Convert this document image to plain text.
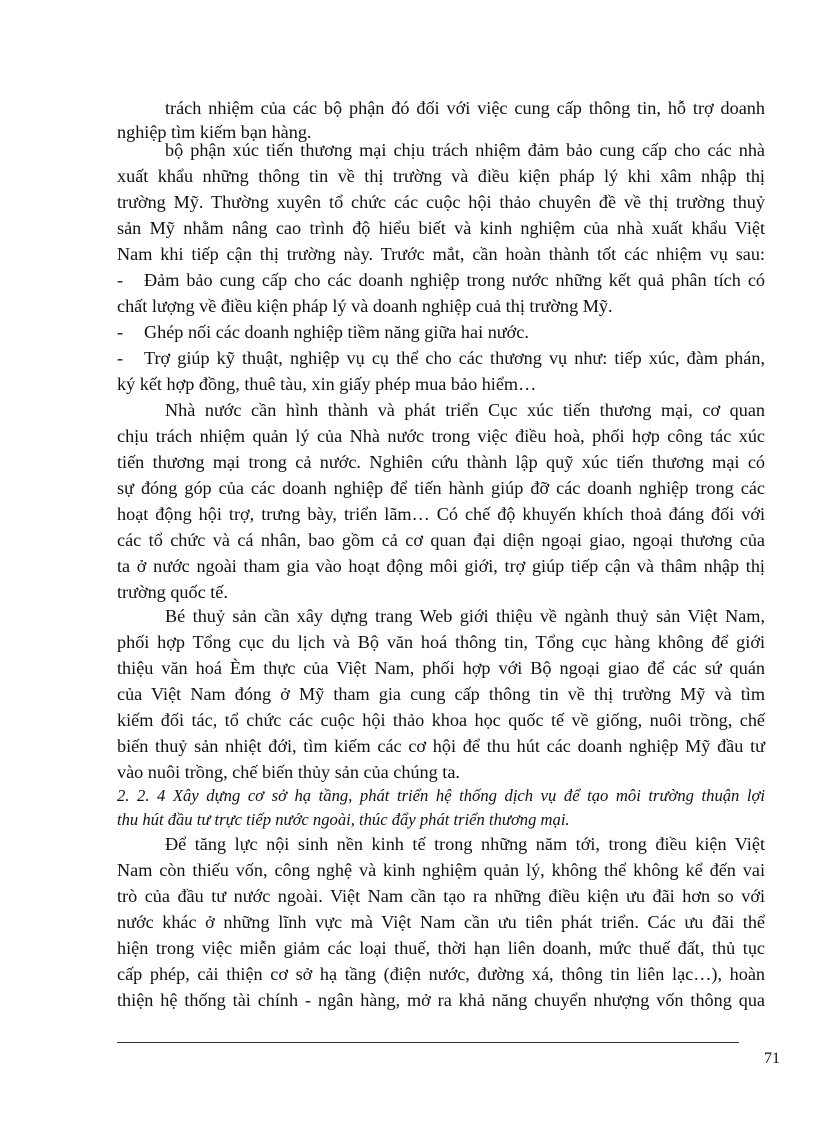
trách nhiệm của các bộ phận đó đối với việc cung cấp thông tin, hỗ trợ doanh
nghiệp tìm kiếm bạn hàng.
bộ phận xúc tiến thương mại chịu trách nhiệm đảm bảo cung cấp cho các nhà
xuất khẩu những thông tin về thị trường và điều kiện pháp lý khi xâm nhập thị
trường Mỹ. Thường xuyên tổ chức các cuộc hội thảo chuyên đề về thị trường thuỷ
sản Mỹ nhằm nâng cao trình độ hiểu biết và kinh nghiệm của nhà xuất khẩu Việt
Nam khi tiếp cận thị trường này. Trước mắt, cần hoàn thành tốt các nhiệm vụ sau:
- Đảm bảo cung cấp cho các doanh nghiệp trong nước những kết quả phân tích có
chất lượng về điều kiện pháp lý và doanh nghiệp cuả thị trường Mỹ.
- Ghép nối các doanh nghiệp tiềm năng giữa hai nước.
- Trợ giúp kỹ thuật, nghiệp vụ cụ thể cho các thương vụ như: tiếp xúc, đàm phán,
ký kết hợp đồng, thuê tàu, xin giấy phép mua bảo hiểm…
Nhà nước cần hình thành và phát triển Cục xúc tiến thương mại, cơ quan
chịu trách nhiệm quản lý của Nhà nước trong việc điều hoà, phối hợp công tác xúc
tiến thương mại trong cả nước. Nghiên cứu thành lập quỹ xúc tiến thương mại có
sự đóng góp của các doanh nghiệp để tiến hành giúp đỡ các doanh nghiệp trong các
hoạt động hội trợ, trưng bày, triển lãm… Có chế độ khuyến khích thoả đáng đối với
các tổ chức và cá nhân, bao gồm cả cơ quan đại diện ngoại giao, ngoại thương của
ta ở nước ngoài tham gia vào hoạt động môi giới, trợ giúp tiếp cận và thâm nhập thị
trường quốc tế.
Bé thuỷ sản cần xây dựng trang Web giới thiệu về ngành thuỷ sản Việt Nam,
phối hợp Tổng cục du lịch và Bộ văn hoá thông tin, Tổng cục hàng không để giới
thiệu văn hoá Èm thực của Việt Nam, phối hợp với Bộ ngoại giao để các sứ quán
của Việt Nam đóng ở Mỹ tham gia cung cấp thông tin về thị trường Mỹ và tìm
kiếm đối tác, tổ chức các cuộc hội thảo khoa học quốc tế về giống, nuôi trồng, chế
biến thuỷ sản nhiệt đới, tìm kiếm các cơ hội để thu hút các doanh nghiệp Mỹ đầu tư
vào nuôi trồng, chế biến thủy sản của chúng ta.
2. 2. 4 Xây dựng cơ sở hạ tầng, phát triển hệ thống dịch vụ để tạo môi trường thuận lợi
thu hút đầu tư trực tiếp nước ngoài, thúc đẩy phát triển thương mại.
Để tăng lực nội sinh nền kinh tế trong những năm tới, trong điều kiện Việt
Nam còn thiếu vốn, công nghệ và kinh nghiệm quản lý, không thể không kể đến vai
trò của đầu tư nước ngoài. Việt Nam cần tạo ra những điều kiện ưu đãi hơn so với
nước khác ở những lĩnh vực mà Việt Nam cần ưu tiên phát triển. Các ưu đãi thể
hiện trong việc miễn giảm các loại thuế, thời hạn liên doanh, mức thuế đất, thủ tục
cấp phép, cải thiện cơ sở hạ tầng (điện nước, đường xá, thông tin liên lạc…), hoàn
thiện hệ thống tài chính - ngân hàng, mở ra khả năng chuyển nhượng vốn thông qua
71
